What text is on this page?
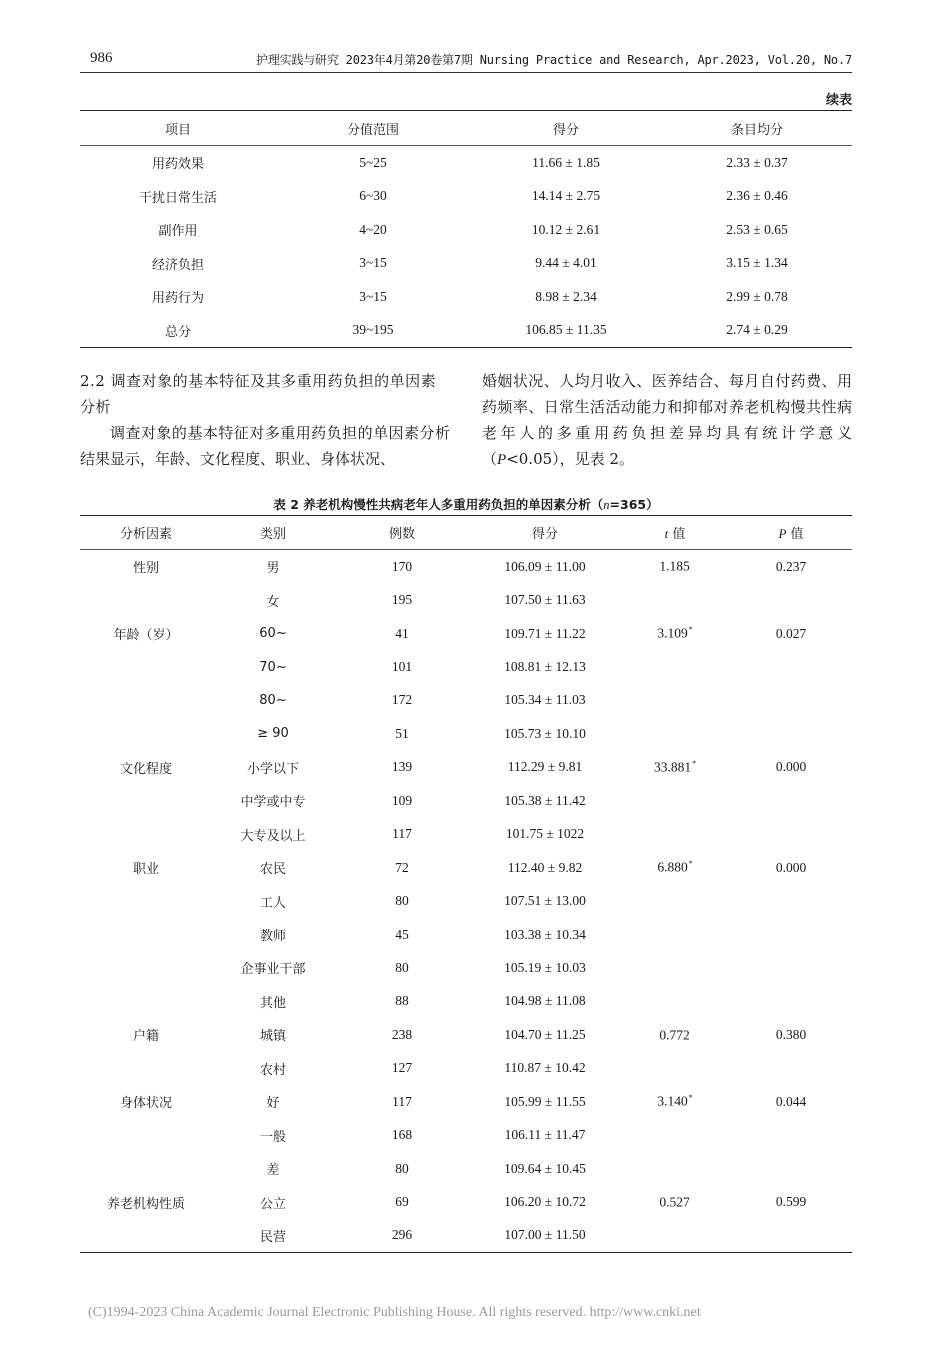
986	护理实践与研究 2023年4月第20卷第7期 Nursing Practice and Research, Apr.2023, Vol.20, No.7
续表
项目	分值范围	得分	条目均分
用药效果	5~25	11.66 ± 1.85	2.33 ± 0.37
干扰日常生活	6~30	14.14 ± 2.75	2.36 ± 0.46
副作用	4~20	10.12 ± 2.61	2.53 ± 0.65
经济负担	3~15	9.44 ± 4.01	3.15 ± 1.34
用药行为	3~15	8.98 ± 2.34	2.99 ± 0.78
总分	39~195	106.85 ± 11.35	2.74 ± 0.29
2.2 调查对象的基本特征及其多重用药负担的单因素分析
调查对象的基本特征对多重用药负担的单因素分析结果显示，年龄、文化程度、职业、身体状况、
婚姻状况、人均月收入、医养结合、每月自付药费、用药频率、日常生活活动能力和抑郁对养老机构慢共性病老年人的多重用药负担差异均具有统计学意义（P<0.05），见表 2。
表 2 养老机构慢性共病老年人多重用药负担的单因素分析（n=365）
分析因素	类别	例数	得分	t 值	P 值
性别	男	170	106.09 ± 11.00	1.185	0.237
	女	195	107.50 ± 11.63		
年龄（岁）	60~	41	109.71 ± 11.22	3.109*	0.027
	70~	101	108.81 ± 12.13		
	80~	172	105.34 ± 11.03		
	≥ 90	51	105.73 ± 10.10		
文化程度	小学以下	139	112.29 ± 9.81	33.881*	0.000
	中学或中专	109	105.38 ± 11.42		
	大专及以上	117	101.75 ± 1022		
职业	农民	72	112.40 ± 9.82	6.880*	0.000
	工人	80	107.51 ± 13.00		
	教师	45	103.38 ± 10.34		
	企事业干部	80	105.19 ± 10.03		
	其他	88	104.98 ± 11.08		
户籍	城镇	238	104.70 ± 11.25	0.772	0.380
	农村	127	110.87 ± 10.42		
身体状况	好	117	105.99 ± 11.55	3.140*	0.044
	一般	168	106.11 ± 11.47		
	差	80	109.64 ± 10.45		
养老机构性质	公立	69	106.20 ± 10.72	0.527	0.599
	民营	296	107.00 ± 11.50		
(C)1994-2023 China Academic Journal Electronic Publishing House. All rights reserved. http://www.cnki.net
